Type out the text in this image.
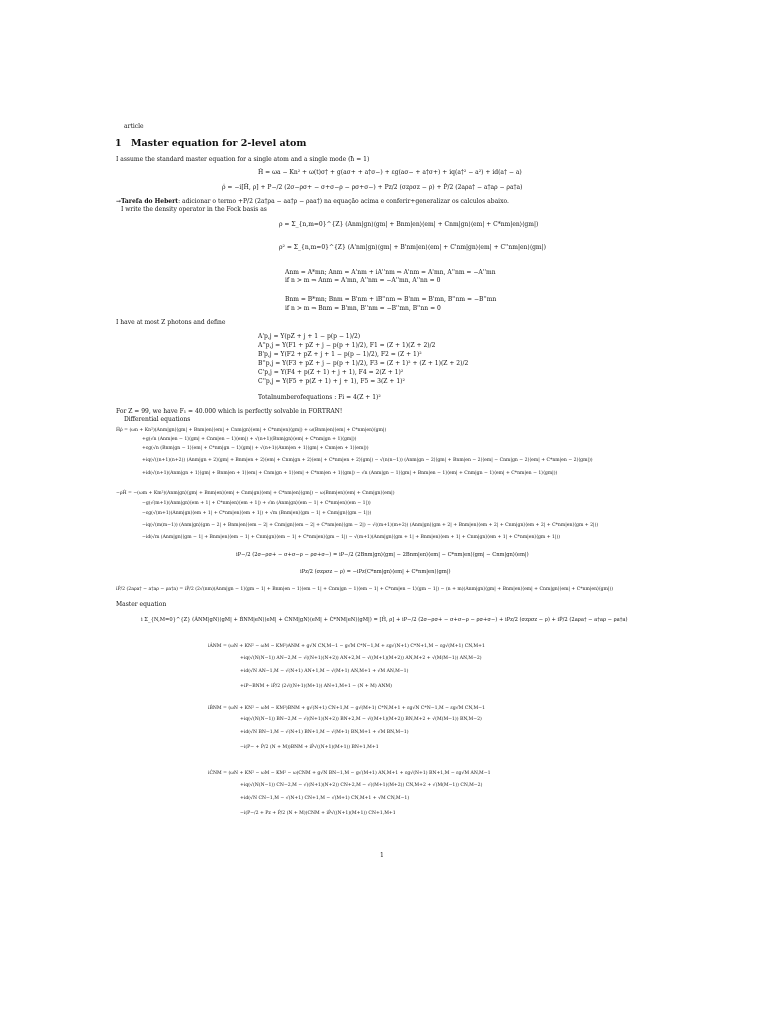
article
1 Master equation for 2-level atom
I assume the standard master equation for a single atom and a single mode (ħ = 1)
Ĥ = ωa − Kn² + ω(t)σ† + g(aσ+ + a†σ−) + εg(aσ− + a†σ+) + iq(a†² − a²) + id(a† − a)
ρ̇ = −i[Ĥ, ρ] + P−/2 (2σ−ρσ+ − σ+σ−ρ − ρσ+σ−) + Pz/2 (σzρσz − ρ) + Ṗ/2 (2aρa† − a†aρ − ρa†a)
→Tarefa do Hebert: adicionar o termo +P/2 (2a†ρa − aa†ρ − ρaa†) na equação acima e conferir+generalizar os calculos abaixo.
I write the density operator in the Fock basis as
ρ = Σ_{n,m=0}^{Z} (Anm|gn⟩⟨gm| + Bnm|en⟩⟨em| + Cnm|gn⟩⟨em| + C*nm|en⟩⟨gm|)
ρ² = Σ_{n,m=0}^{Z} (A'nm|gn⟩⟨gm| + B'nm|en⟩⟨em| + C'nm|gn⟩⟨em| + C''nm|en⟩⟨gm|)
Anm = A*mn; Anm = A'nm + iA''nm ⇒ A'nm = A'mn, A''nm = −A''mn
if n > m ⇒ Anm = A'mn, A''nm = −A''mn, A''nn = 0
Bnm = B*mn; Bnm = B'nm + iB''nm ⇒ B'nm = B'mn, B''nm = −B''mn
if n > m ⇒ Bnm = B'mn, B''nm = −B''mn, B''nn = 0
I have at most Z photons and define
A'p,j = Y(pZ + j + 1 − p(p − 1)/2)
A''p,j = Y(F1 + pZ + j − p(p + 1)/2), F1 = (Z + 1)(Z + 2)/2
B'p,j = Y(F2 + pZ + j + 1 − p(p − 1)/2), F2 = (Z + 1)²
B''p,j = Y(F3 + pZ + j − p(p + 1)/2), F3 = (Z + 1)² + (Z + 1)(Z + 2)/2
C'p,j = Y(F4 + p(Z + 1) + j + 1), F4 = 2(Z + 1)²
C''p,j = Y(F5 + p(Z + 1) + j + 1), F5 = 3(Z + 1)²
Totalnumberofequations : Fi = 4(Z + 1)²
For Z = 99, we have F₁ = 40.000 which is perfectly solvable in FORTRAN!
Differential equations
Ĥρ̇ = (ωn + Kn²)(Anm|gn⟩⟨gm| + Bnm|en⟩⟨em| + Cnm|gn⟩⟨em| + C*nm|en⟩⟨gm|) + ω(Bnm|en⟩⟨em| + C*nm|en⟩⟨gm|)
+g(√n (Anm|en − 1⟩⟨gm| + Cnm|en − 1⟩⟨em|) + √(n+1)(Bnm|gn⟩⟨em| + C*nm|gn + 1⟩⟨gm|))
+εg(√n (Bnm|gn − 1⟩⟨em| + C*nm|gn − 1⟩⟨gm|) + √(n+1)(Anm|en + 1⟩⟨gm| + Cnm|en + 1⟩⟨em|))
+iq(√((n+1)(n+2)) (Anm|gn + 2⟩⟨gm| + Bnm|en + 2⟩⟨em| + Cnm|gn + 2⟩⟨em| + C*nm|en + 2⟩⟨gm|) − √(n(n−1)) (Anm|gn − 2⟩⟨gm| + Bnm|en − 2⟩⟨em| − Cnm|gn − 2⟩⟨em| + C*nm|en − 2⟩⟨gm|))
+id(√(n+1)(Anm|gn + 1⟩⟨gm| + Bnm|en + 1⟩⟨em| + Cnm|gn + 1⟩⟨em| + C*nm|en + 1⟩⟨gm|) − √n (Anm|gn − 1⟩⟨gm| + Bnm|en − 1⟩⟨em| + Cnm|gn − 1⟩⟨em| + C*nm|en − 1⟩⟨gm|))
−ρĤ = −(ωm + Km²)(Anm|gn⟩⟨gm| + Bnm|en⟩⟨em| + Cnm|gn⟩⟨em| + C*nm|en⟩⟨gm|) − ω(Bnm|en⟩⟨em| + Cnm|gn⟩⟨em|)
−g(√(m+1)(Anm|gn⟩⟨em + 1| + C*nm|en⟩⟨em + 1|) + √m (Anm|gn⟩⟨em − 1| + C*nm|en⟩⟨em − 1|))
−εg(√(m+1)(Anm|gn⟩⟨em + 1| + C*nm|en⟩⟨em + 1|) + √m (Bnm|en⟩⟨gm − 1| + Cnm|gn⟩⟨gm − 1|))
−iq(√(m(m−1)) (Anm|gn⟩⟨gm − 2| + Bnm|en⟩⟨em − 2| + Cnm|gn⟩⟨em − 2| + C*nm|en⟩⟨gm − 2|) − √((m+1)(m+2)) (Anm|gn⟩⟨gm + 2| + Bnm|en⟩⟨em + 2| + Cnm|gn⟩⟨em + 2| + C*nm|en⟩⟨gm + 2|))
−id(√m (Anm|gn⟩⟨gm − 1| + Bnm|en⟩⟨em − 1| + Cnm|gn⟩⟨em − 1| + C*nm|en⟩⟨gm − 1|) − √(m+1)(Anm|gn⟩⟨gm + 1| + Bnm|en⟩⟨em + 1| + Cnm|gn⟩⟨em + 1| + C*nm|en⟩⟨gm + 1|))
iP−/2 (2σ−ρσ+ − σ+σ−ρ − ρσ+σ−) = iP−/2 (2Bnm|gn⟩⟨gm| − 2Bnm|en⟩⟨em| − C*nm|en⟩⟨gm| − Cnm|gn⟩⟨em|)
iPz/2 (σzρσz − ρ) = −iPz(C*nm|gn⟩⟨em| + C*nm|en⟩⟨gm|)
iṖ/2 (2aρa† − a†aρ − ρa†a) = iṖ/2 (2√(nm)(Anm|gn − 1⟩⟨gm − 1| + Bnm|en − 1⟩⟨em − 1| + Cnm|gn − 1⟩⟨em − 1| + C*nm|en − 1⟩⟨gm − 1|) − (n + m)(Anm|gn⟩⟨gm| + Bnm|en⟩⟨em| + Cnm|gn⟩⟨em| + C*nm|en⟩⟨gm|))
Master equation
i Σ_{N,M=0}^{Z} (ȦNM|gN⟩⟨gM| + ḂNM|eN⟩⟨eM| + ĊNM|gN⟩⟨eM| + Ċ*NM|eN⟩⟨gM|) = [Ĥ, ρ] + iP−/2 (2σ−ρσ+ − σ+σ−ρ − ρσ+σ−) + iPz/2 (σzρσz − ρ) + iṖ/2 (2aρa† − a†aρ − ρa†a)
iȦNM = (ωN + KN² − ωM − KM²)ANM + g√N CN,M−1 − g√M C*N−1,M + εg√(N+1) C*N+1,M − εg√(M+1) CN,M+1
+iq(√(N(N−1)) AN−2,M − √((N+1)(N+2)) AN+2,M − √((M+1)(M+2)) AN,M+2 + √(M(M−1)) AN,M−2)
+id(√N AN−1,M − √(N+1) AN+1,M − √(M+1) AN,M+1 + √M AN,M−1)
+iP−BNM + iṖ/2 (2√((N+1)(M+1)) AN+1,M+1 − (N + M) ANM)
iḂNM = (ωN + KN² − ωM − KM²)BNM + g√(N+1) CN+1,M − g√(M+1) C*N,M+1 + εg√N C*N−1,M − εg√M CN,M−1
+iq(√(N(N−1)) BN−2,M − √((N+1)(N+2)) BN+2,M − √((M+1)(M+2)) BN,M+2 + √(M(M−1)) BN,M−2)
+id(√N BN−1,M − √(N+1) BN+1,M − √(M+1) BN,M+1 + √M BN,M−1)
−i(P− + Ṗ/2 (N + M))BNM + iṖ√((N+1)(M+1)) BN+1,M+1
iĊNM = (ωN + KN² − ωM − KM² − ω)CNM + g√N BN−1,M − g√(M+1) AN,M+1 + εg√(N+1) BN+1,M − εg√M AN,M−1
+iq(√(N(N−1)) CN−2,M − √((N+1)(N+2)) CN+2,M − √((M+1)(M+2)) CN,M+2 + √(M(M−1)) CN,M−2)
+id(√N CN−1,M − √(N+1) CN+1,M − √(M+1) CN,M+1 + √M CN,M−1)
−i(P−/2 + Pz + Ṗ/2 (N + M))CNM + iṖ√((N+1)(M+1)) CN+1,M+1
1
